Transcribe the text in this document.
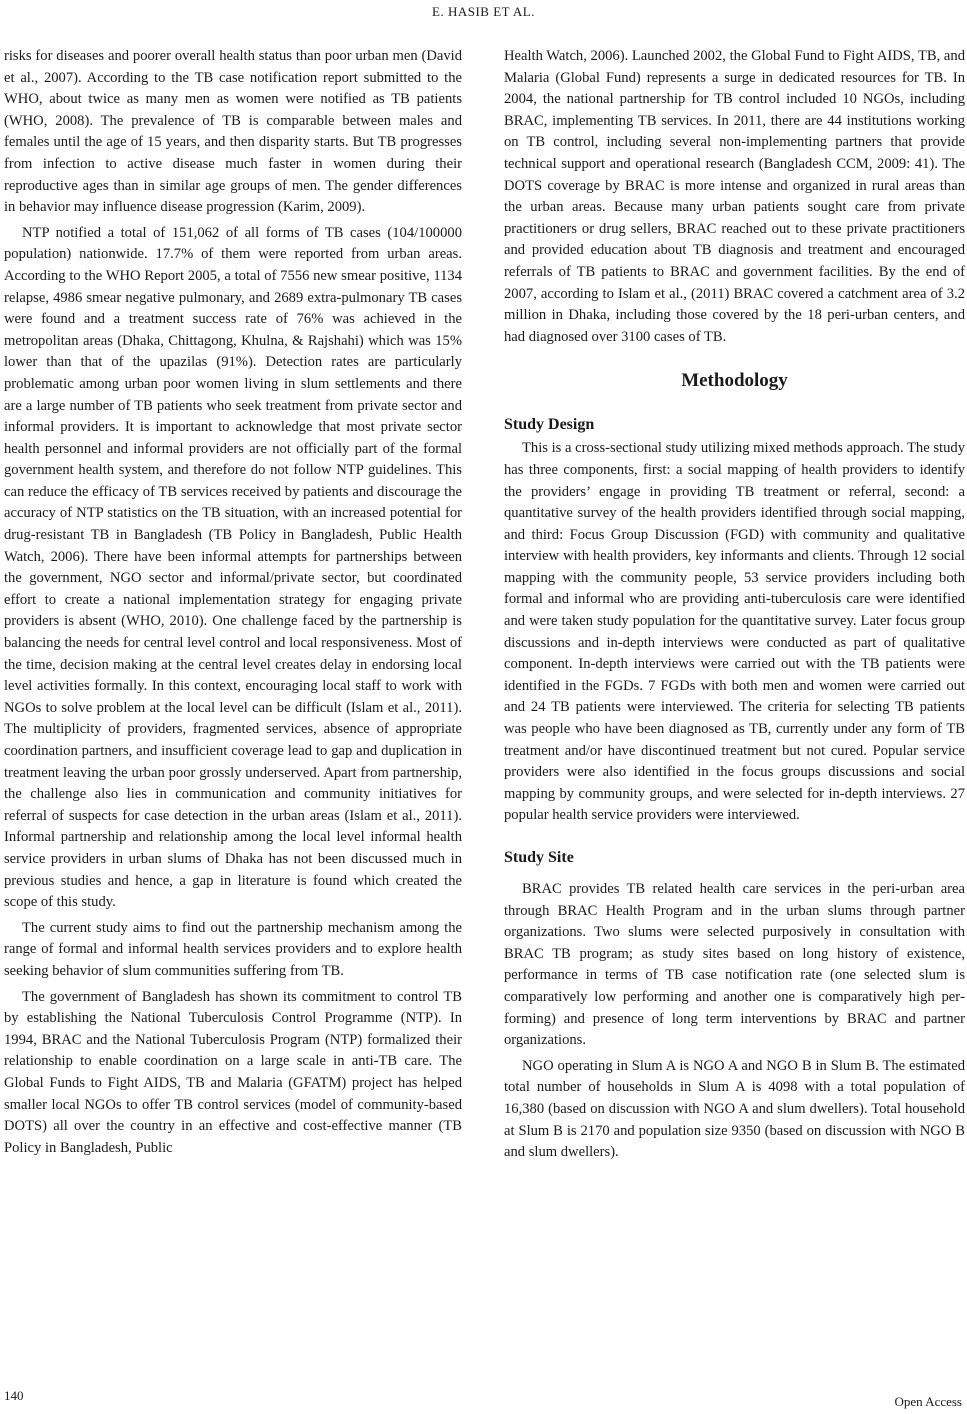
E. HASIB ET AL.

risks for diseases and poorer overall health status than poor urban men (David et al., 2007). According to the TB case notification report submitted to the WHO, about twice as many men as women were notified as TB patients (WHO, 2008). The prevalence of TB is comparable between males and females until the age of 15 years, and then disparity starts. But TB progresses from infection to active disease much faster in women during their reproductive ages than in similar age groups of men. The gender differences in behavior may influence disease progression (Karim, 2009).

NTP notified a total of 151,062 of all forms of TB cases (104/100000 population) nationwide. 17.7% of them were reported from urban areas. According to the WHO Report 2005, a total of 7556 new smear positive, 1134 relapse, 4986 smear negative pulmonary, and 2689 extra-pulmonary TB cases were found and a treatment success rate of 76% was achieved in the metropolitan areas (Dhaka, Chittagong, Khulna, & Rajshahi) which was 15% lower than that of the upazilas (91%). Detection rates are particularly problematic among urban poor women living in slum settlements and there are a large number of TB patients who seek treatment from private sector and informal providers. It is important to acknowledge that most private sector health personnel and informal providers are not officially part of the formal government health system, and therefore do not follow NTP guidelines. This can reduce the efficacy of TB services received by patients and discourage the accuracy of NTP statistics on the TB situation, with an increased potential for drug-resistant TB in Bangladesh (TB Policy in Bangladesh, Public Health Watch, 2006). There have been informal attempts for partnerships between the government, NGO sector and informal/private sector, but coordinated effort to create a national implementation strategy for engaging private providers is absent (WHO, 2010). One challenge faced by the partnership is balancing the needs for central level control and local responsiveness. Most of the time, decision making at the central level creates delay in endorsing local level activities formally. In this context, encouraging local staff to work with NGOs to solve problem at the local level can be difficult (Islam et al., 2011). The multiplicity of providers, fragmented services, absence of appropriate coordination partners, and insufficient coverage lead to gap and duplication in treatment leaving the urban poor grossly underserved. Apart from partnership, the challenge also lies in communication and community initiatives for referral of suspects for case detection in the urban areas (Islam et al., 2011). Informal partnership and relationship among the local level informal health service providers in urban slums of Dhaka has not been discussed much in previous studies and hence, a gap in literature is found which created the scope of this study.

The current study aims to find out the partnership mechanism among the range of formal and informal health services providers and to explore health seeking behavior of slum communities suffering from TB.

The government of Bangladesh has shown its commitment to control TB by establishing the National Tuberculosis Control Programme (NTP). In 1994, BRAC and the National Tuberculosis Program (NTP) formalized their relationship to enable coordination on a large scale in anti-TB care. The Global Funds to Fight AIDS, TB and Malaria (GFATM) project has helped smaller local NGOs to offer TB control services (model of community-based DOTS) all over the country in an effective and cost-effective manner (TB Policy in Bangladesh, Public

Health Watch, 2006). Launched 2002, the Global Fund to Fight AIDS, TB, and Malaria (Global Fund) represents a surge in dedicated resources for TB. In 2004, the national partnership for TB control included 10 NGOs, including BRAC, implementing TB services. In 2011, there are 44 institutions working on TB control, including several non-implementing partners that provide technical support and operational research (Bangladesh CCM, 2009: 41). The DOTS coverage by BRAC is more intense and organized in rural areas than the urban areas. Because many urban patients sought care from private practitioners or drug sellers, BRAC reached out to these private practitioners and provided education about TB diagnosis and treatment and encouraged referrals of TB patients to BRAC and government facilities. By the end of 2007, according to Islam et al., (2011) BRAC covered a catchment area of 3.2 million in Dhaka, including those covered by the 18 peri-urban centers, and had diagnosed over 3100 cases of TB.

Methodology
Study Design

This is a cross-sectional study utilizing mixed methods approach. The study has three components, first: a social mapping of health providers to identify the providers’ engage in providing TB treatment or referral, second: a quantitative survey of the health providers identified through social mapping, and third: Focus Group Discussion (FGD) with community and qualitative interview with health providers, key informants and clients. Through 12 social mapping with the community people, 53 service providers including both formal and informal who are providing anti-tuberculosis care were identified and were taken study population for the quantitative survey. Later focus group discussions and in-depth interviews were conducted as part of qualitative component. In-depth interviews were carried out with the TB patients were identified in the FGDs. 7 FGDs with both men and women were carried out and 24 TB patients were interviewed. The criteria for selecting TB patients was people who have been diagnosed as TB, currently under any form of TB treatment and/or have discontinued treatment but not cured. Popular service providers were also identified in the focus groups discussions and social mapping by community groups, and were selected for in-depth interviews. 27 popular health service providers were interviewed.

Study Site

BRAC provides TB related health care services in the peri-urban area through BRAC Health Program and in the urban slums through partner organizations. Two slums were selected purposively in consultation with BRAC TB program; as study sites based on long history of existence, performance in terms of TB case notification rate (one selected slum is comparatively low performing and another one is comparatively high performing) and presence of long term interventions by BRAC and partner organizations.

NGO operating in Slum A is NGO A and NGO B in Slum B. The estimated total number of households in Slum A is 4098 with a total population of 16,380 (based on discussion with NGO A and slum dwellers). Total household at Slum B is 2170 and population size 9350 (based on discussion with NGO B and slum dwellers).

140	Open Access
